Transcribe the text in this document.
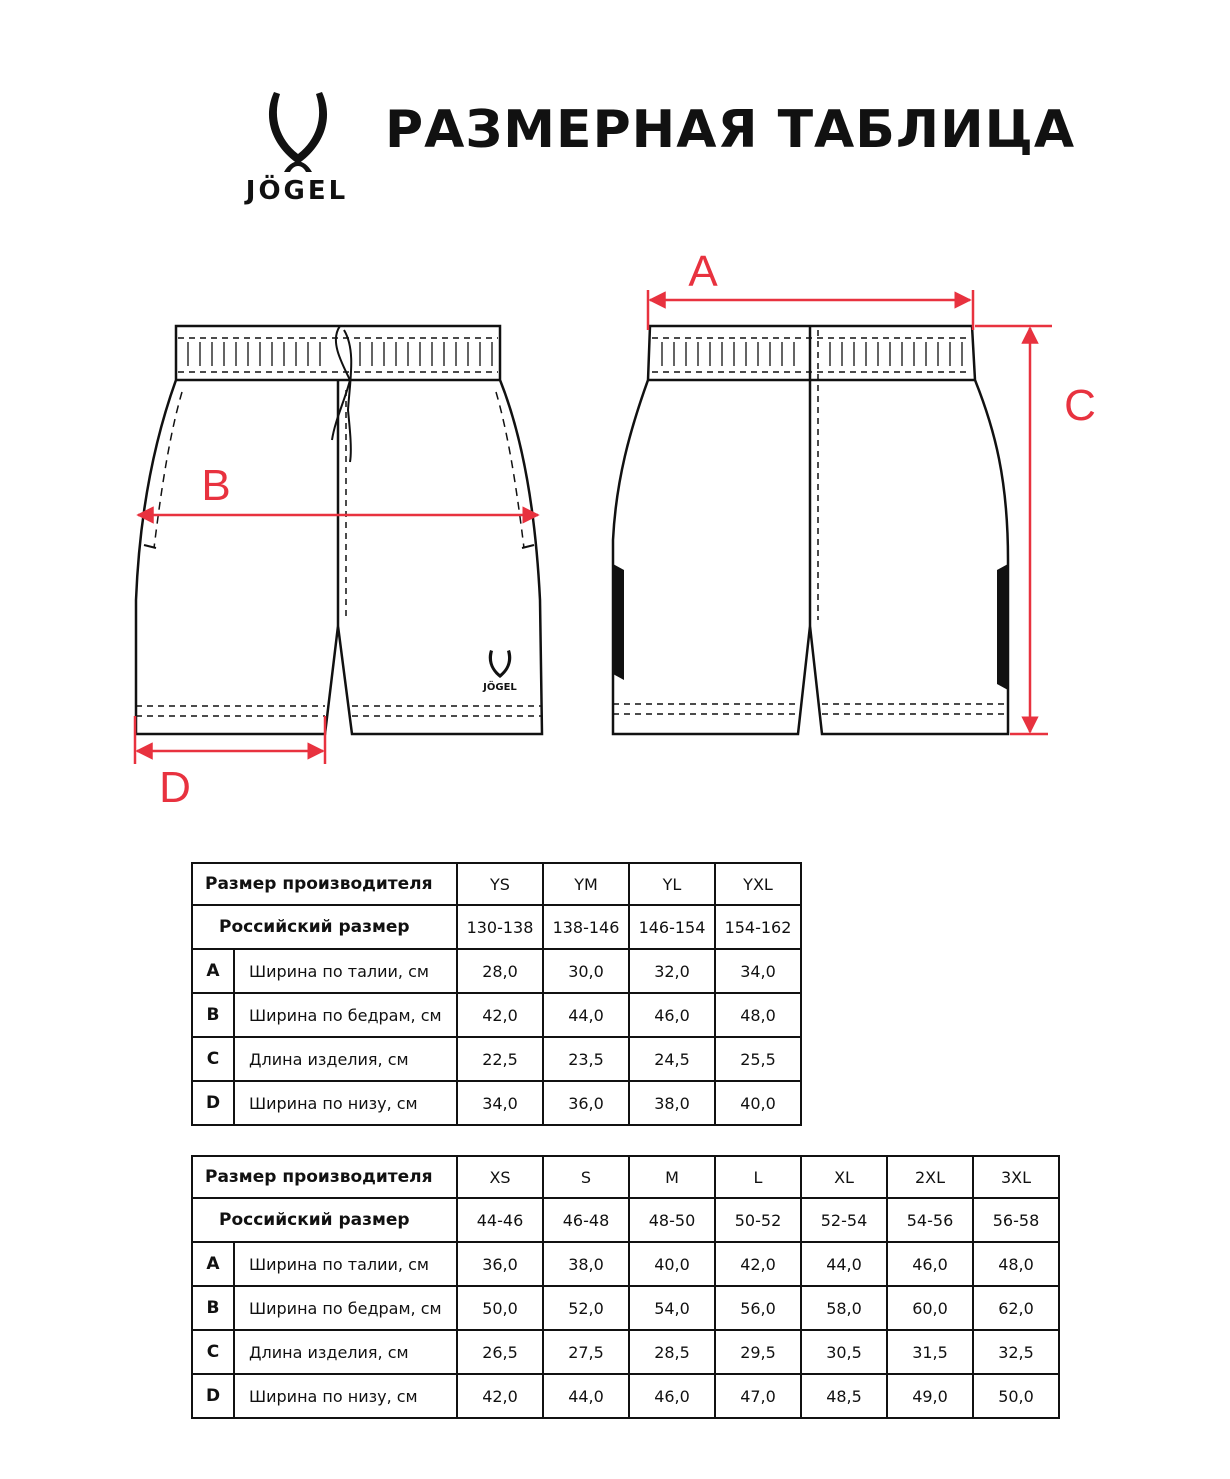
JÖGEL
РАЗМЕРНАЯ ТАБЛИЦА
JÖGEL
A
B
C
D
Размер производителя		YS	YM	YL	YXL
Российский размер		130-138	138-146	146-154	154-162
A	Ширина по талии, см	28,0	30,0	32,0	34,0
B	Ширина по бедрам, см	42,0	44,0	46,0	48,0
C	Длина изделия, см	22,5	23,5	24,5	25,5
D	Ширина по низу, см	34,0	36,0	38,0	40,0
Размер производителя		XS	S	M	L	XL	2XL	3XL
Российский размер		44-46	46-48	48-50	50-52	52-54	54-56	56-58
A	Ширина по талии, см	36,0	38,0	40,0	42,0	44,0	46,0	48,0
B	Ширина по бедрам, см	50,0	52,0	54,0	56,0	58,0	60,0	62,0
C	Длина изделия, см	26,5	27,5	28,5	29,5	30,5	31,5	32,5
D	Ширина по низу, см	42,0	44,0	46,0	47,0	48,5	49,0	50,0
